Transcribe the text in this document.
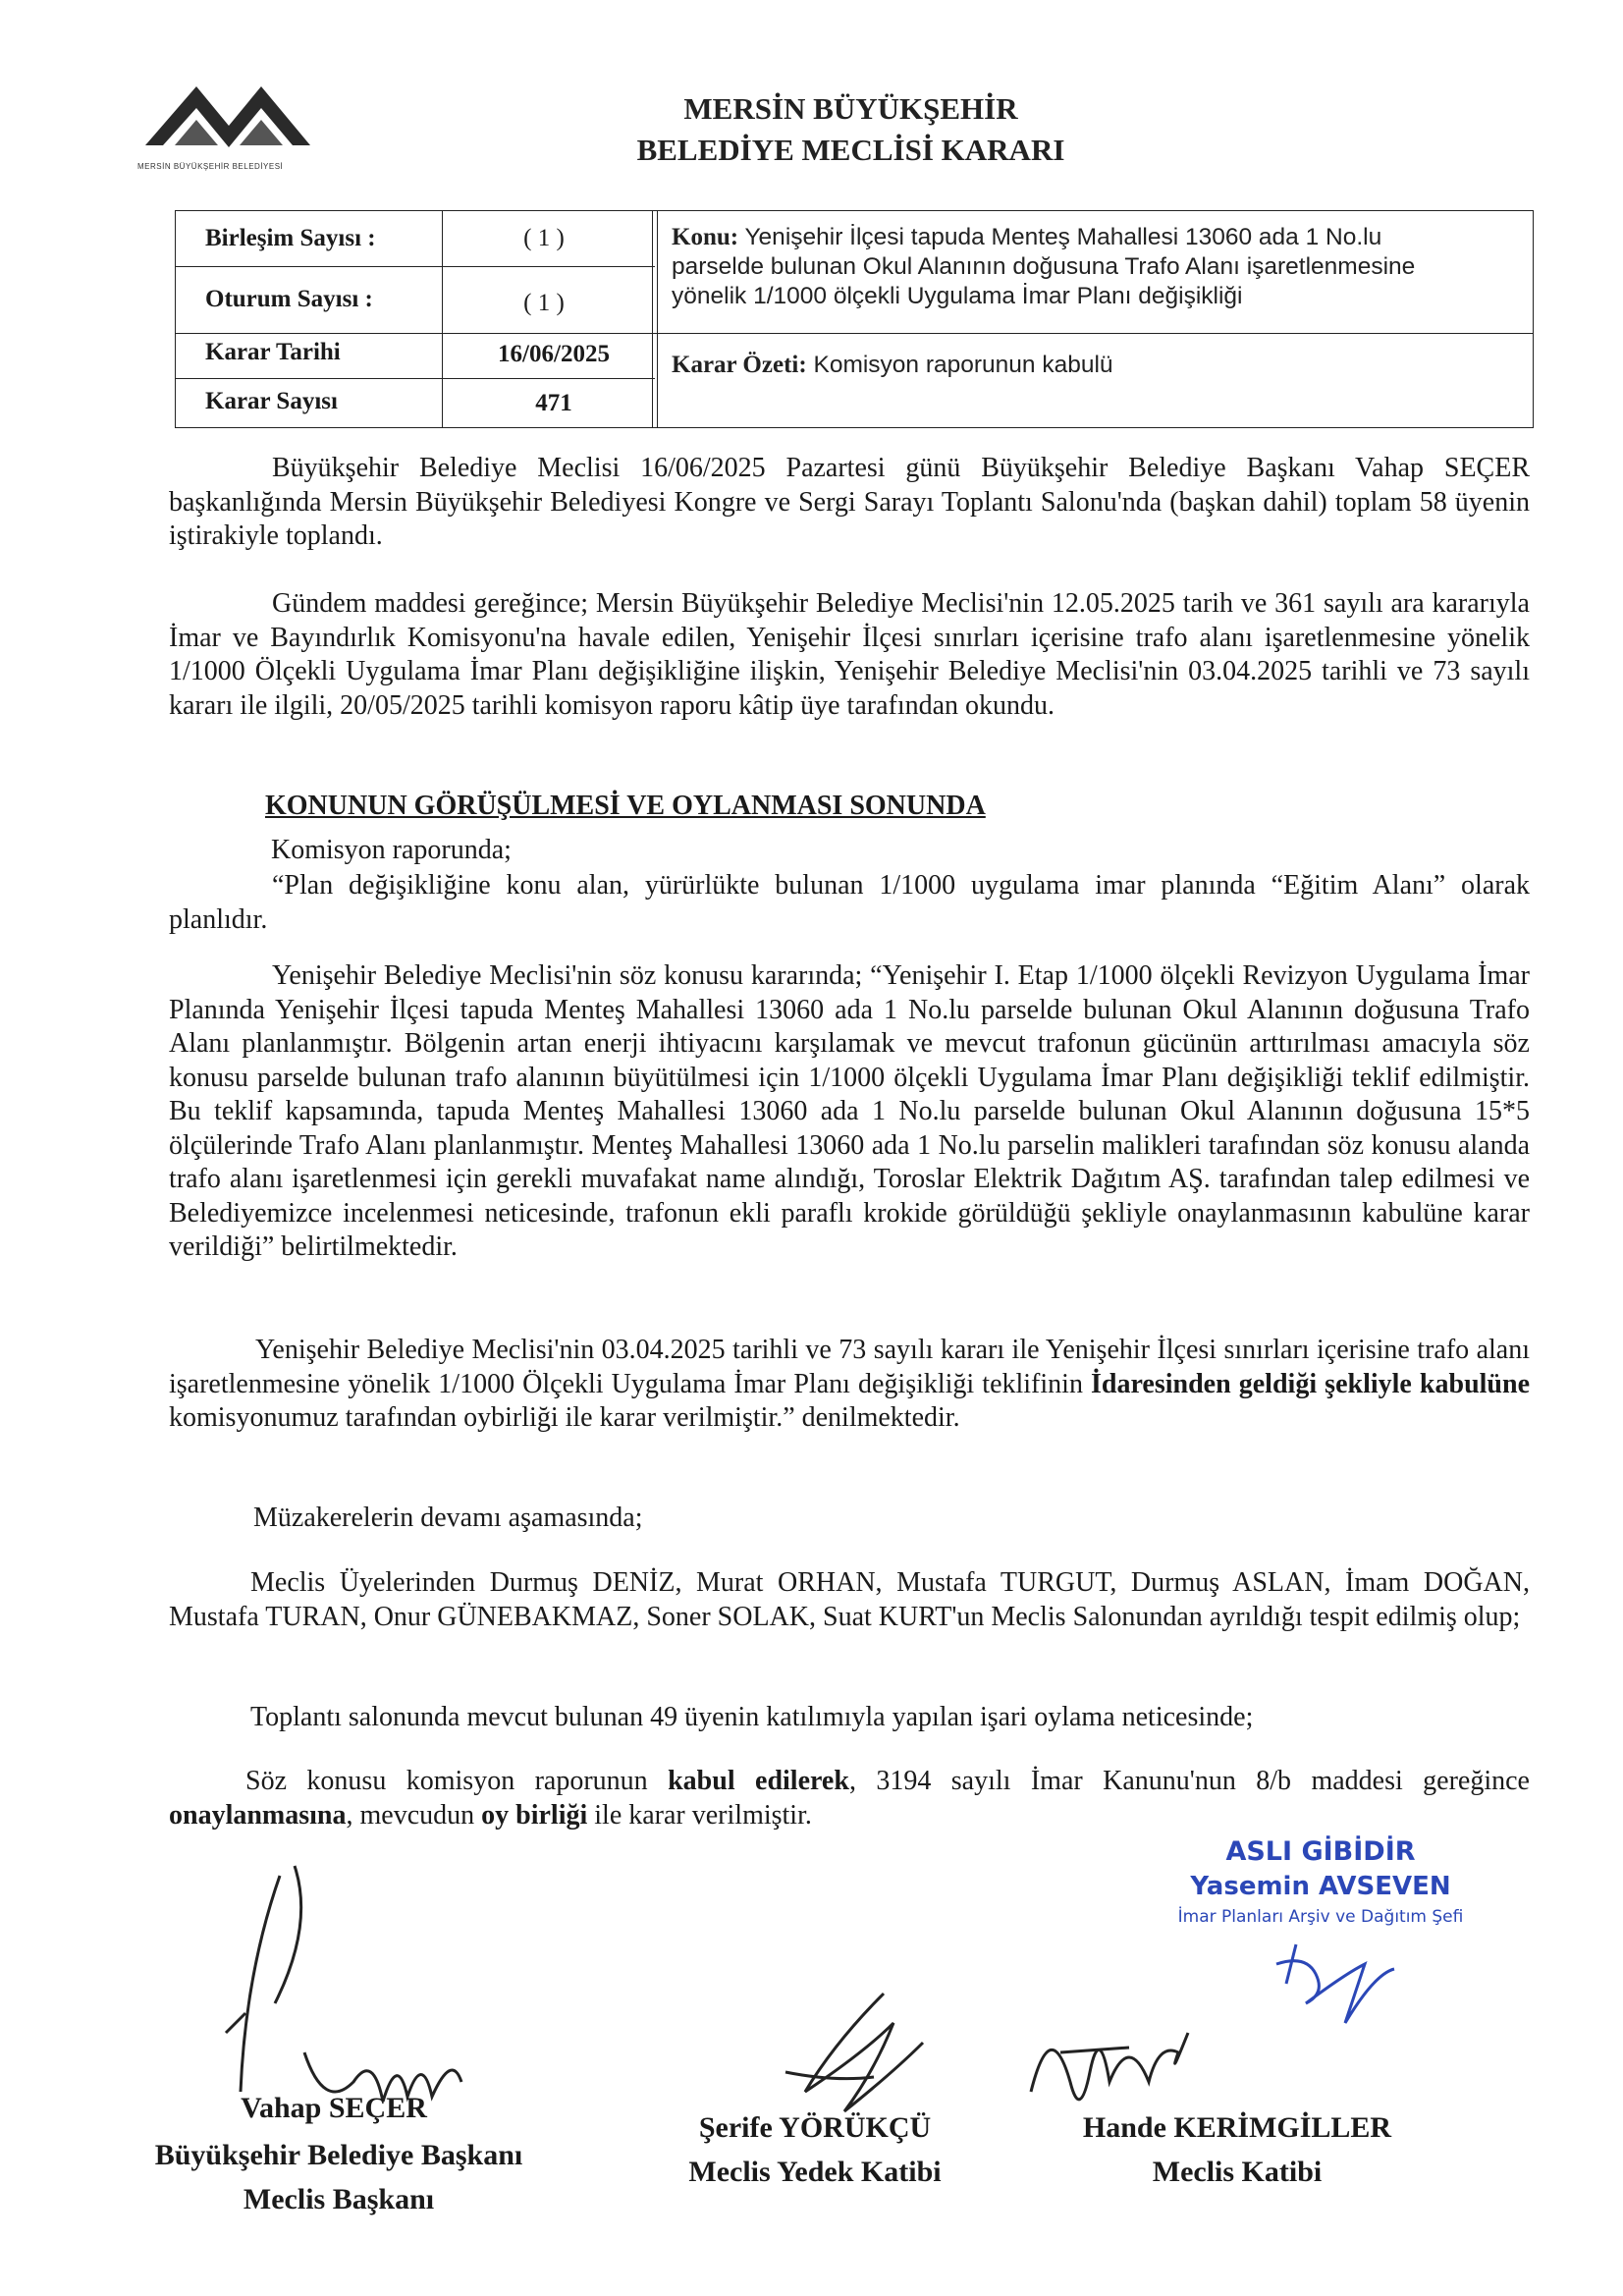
MERSİN BÜYÜKŞEHİR BELEDİYESİ
MERSİN BÜYÜKŞEHİR
BELEDİYE MECLİSİ KARARI
Birleşim Sayısı :	( 1 )
Oturum Sayısı :	( 1 )
Karar Tarihi	16/06/2025
Karar Sayısı	471
Konu: Yenişehir İlçesi tapuda Menteş Mahallesi 13060 ada 1 No.lu
parselde bulunan Okul Alanının doğusuna Trafo Alanı işaretlenmesine
yönelik 1/1000 ölçekli Uygulama İmar Planı değişikliği
Karar Özeti: Komisyon raporunun kabulü
Büyükşehir Belediye Meclisi 16/06/2025 Pazartesi günü Büyükşehir Belediye Başkanı Vahap SEÇER başkanlığında Mersin Büyükşehir Belediyesi Kongre ve Sergi Sarayı Toplantı Salonu'nda (başkan dahil) toplam 58 üyenin iştirakiyle toplandı.
Gündem maddesi gereğince; Mersin Büyükşehir Belediye Meclisi'nin 12.05.2025 tarih ve 361 sayılı ara kararıyla İmar ve Bayındırlık Komisyonu'na havale edilen, Yenişehir İlçesi sınırları içerisine trafo alanı işaretlenmesine yönelik 1/1000 Ölçekli Uygulama İmar Planı değişikliğine ilişkin, Yenişehir Belediye Meclisi'nin 03.04.2025 tarihli ve 73 sayılı kararı ile ilgili, 20/05/2025 tarihli komisyon raporu kâtip üye tarafından okundu.
KONUNUN GÖRÜŞÜLMESİ VE OYLANMASI SONUNDA
Komisyon raporunda;
“Plan değişikliğine konu alan, yürürlükte bulunan 1/1000 uygulama imar planında “Eğitim Alanı” olarak planlıdır.
Yenişehir Belediye Meclisi'nin söz konusu kararında; “Yenişehir I. Etap 1/1000 ölçekli Revizyon Uygulama İmar Planında Yenişehir İlçesi tapuda Menteş Mahallesi 13060 ada 1 No.lu parselde bulunan Okul Alanının doğusuna Trafo Alanı planlanmıştır. Bölgenin artan enerji ihtiyacını karşılamak ve mevcut trafonun gücünün arttırılması amacıyla söz konusu parselde bulunan trafo alanının büyütülmesi için 1/1000 ölçekli Uygulama İmar Planı değişikliği teklif edilmiştir. Bu teklif kapsamında, tapuda Menteş Mahallesi 13060 ada 1 No.lu parselde bulunan Okul Alanının doğusuna 15*5 ölçülerinde Trafo Alanı planlanmıştır. Menteş Mahallesi 13060 ada 1 No.lu parselin malikleri tarafından söz konusu alanda trafo alanı işaretlenmesi için gerekli muvafakat name alındığı, Toroslar Elektrik Dağıtım AŞ. tarafından talep edilmesi ve Belediyemizce incelenmesi neticesinde, trafonun ekli paraflı krokide görüldüğü şekliyle onaylanmasının kabulüne karar verildiği” belirtilmektedir.
Yenişehir Belediye Meclisi'nin 03.04.2025 tarihli ve 73 sayılı kararı ile Yenişehir İlçesi sınırları içerisine trafo alanı işaretlenmesine yönelik 1/1000 Ölçekli Uygulama İmar Planı değişikliği teklifinin İdaresinden geldiği şekliyle kabulüne komisyonumuz tarafından oybirliği ile karar verilmiştir.” denilmektedir.
Müzakerelerin devamı aşamasında;
Meclis Üyelerinden Durmuş DENİZ, Murat ORHAN, Mustafa TURGUT, Durmuş ASLAN, İmam DOĞAN, Mustafa TURAN, Onur GÜNEBAKMAZ, Soner SOLAK, Suat KURT'un Meclis Salonundan ayrıldığı tespit edilmiş olup;
Toplantı salonunda mevcut bulunan 49 üyenin katılımıyla yapılan işari oylama neticesinde;
Söz konusu komisyon raporunun kabul edilerek, 3194 sayılı İmar Kanunu'nun 8/b maddesi gereğince onaylanmasına, mevcudun oy birliği ile karar verilmiştir.
ASLI GİBİDİR
Yasemin AVSEVEN
İmar Planları Arşiv ve Dağıtım Şefi
Vahap SEÇER
Büyükşehir Belediye Başkanı
Meclis Başkanı
Şerife YÖRÜKÇÜ
Meclis Yedek Katibi
Hande KERİMGİLLER
Meclis Katibi
